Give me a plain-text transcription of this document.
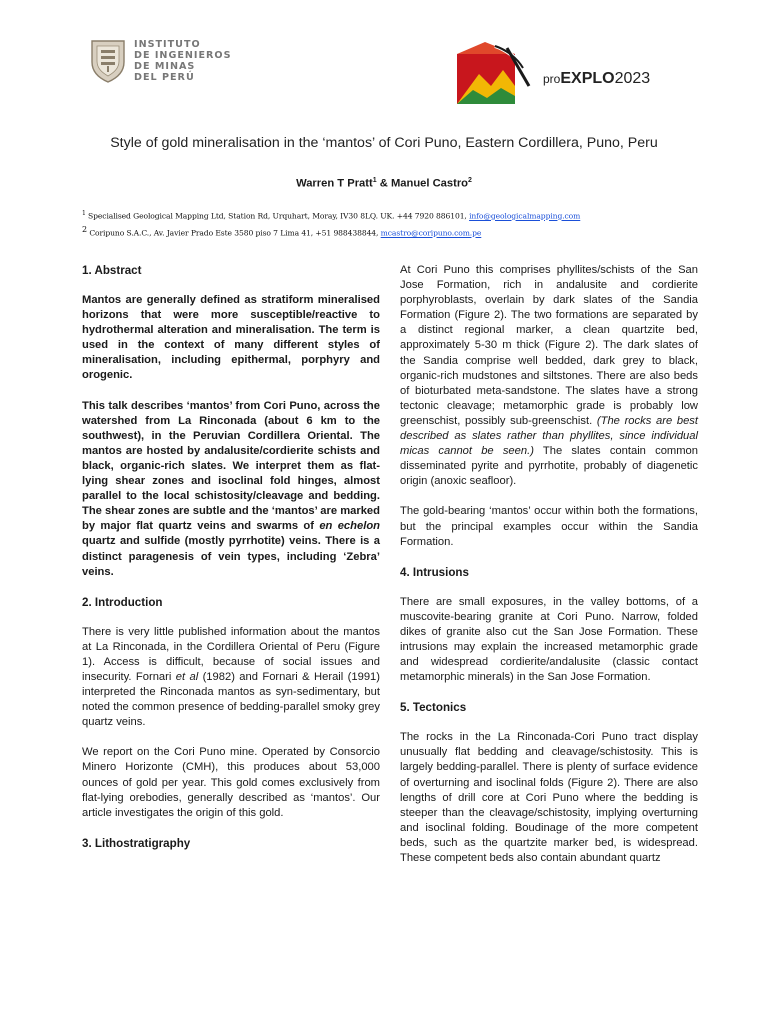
INSTITUTO
DE INGENIEROS
DE MINAS
DEL PERÚ	proEXPLO2023
Style of gold mineralisation in the ‘mantos’ of Cori Puno, Eastern Cordillera, Puno, Peru
Warren T Pratt$^1$ & Manuel Castro$^2$
$^1$ Specialised Geological Mapping Ltd, Station Rd, Urquhart, Moray, IV30 8LQ. UK. +44 7920 886101, info@geologicalmapping.com
$^2$ Coripuno S.A.C., Av. Javier Prado Este 3580 piso 7 Lima 41, +51 988438844, mcastro@coripuno.com.pe
1. Abstract

Mantos are generally defined as stratiform mineralised horizons that were more susceptible/reactive to hydrothermal alteration and mineralisation. The term is used in the context of many different styles of mineralisation, including epithermal, porphyry and orogenic.

This talk describes ‘mantos’ from Cori Puno, across the watershed from La Rinconada (about 6 km to the southwest), in the Peruvian Cordillera Oriental. The mantos are hosted by andalusite/cordierite schists and black, organic-rich slates. We interpret them as flat-lying shear zones and isoclinal fold hinges, almost parallel to the local schistosity/cleavage and bedding. The shear zones are subtle and the ‘mantos’ are marked by major flat quartz veins and swarms of en echelon quartz and sulfide (mostly pyrrhotite) veins. There is a distinct paragenesis of vein types, including ‘Zebra’ veins.

2. Introduction

There is very little published information about the mantos at La Rinconada, in the Cordillera Oriental of Peru (Figure 1). Access is difficult, because of social issues and insecurity. Fornari et al (1982) and Fornari & Herail (1991) interpreted the Rinconada mantos as syn-sedimentary, but noted the common presence of bedding-parallel smoky grey quartz veins.

We report on the Cori Puno mine. Operated by Consorcio Minero Horizonte (CMH), this produces about 53,000 ounces of gold per year. This gold comes exclusively from flat-lying orebodies, generally described as ‘mantos’. Our article investigates the origin of this gold.

3. Lithostratigraphy

At Cori Puno this comprises phyllites/schists of the San Jose Formation, rich in andalusite and cordierite porphyroblasts, overlain by dark slates of the Sandia Formation (Figure 2). The two formations are separated by a distinct regional marker, a clean quartzite bed, approximately 5-30 m thick (Figure 2). The dark slates of the Sandia comprise well bedded, dark grey to black, organic-rich mudstones and siltstones. There are also beds of bioturbated meta-sandstone. The slates have a strong tectonic cleavage; metamorphic grade is probably low greenschist, possibly sub-greenschist. (The rocks are best described as slates rather than phyllites, since individual micas cannot be seen.) The slates contain common disseminated pyrite and pyrrhotite, probably of diagenetic origin (anoxic seafloor).

The gold-bearing ‘mantos’ occur within both the formations, but the principal examples occur within the Sandia Formation.

4. Intrusions

There are small exposures, in the valley bottoms, of a muscovite-bearing granite at Cori Puno. Narrow, folded dikes of granite also cut the San Jose Formation. These intrusions may explain the increased metamorphic grade and widespread cordierite/andalusite (classic contact metamorphic minerals) in the San Jose Formation.

5. Tectonics

The rocks in the La Rinconada-Cori Puno tract display unusually flat bedding and cleavage/schistosity. This is largely bedding-parallel. There is plenty of surface evidence of overturning and isoclinal folds (Figure 2). There are also lengths of drill core at Cori Puno where the bedding is steeper than the cleavage/schistosity, implying overturning and isoclinal folding. Boudinage of the more competent beds, such as the quartzite marker bed, is widespread. These competent beds also contain abundant quartz
